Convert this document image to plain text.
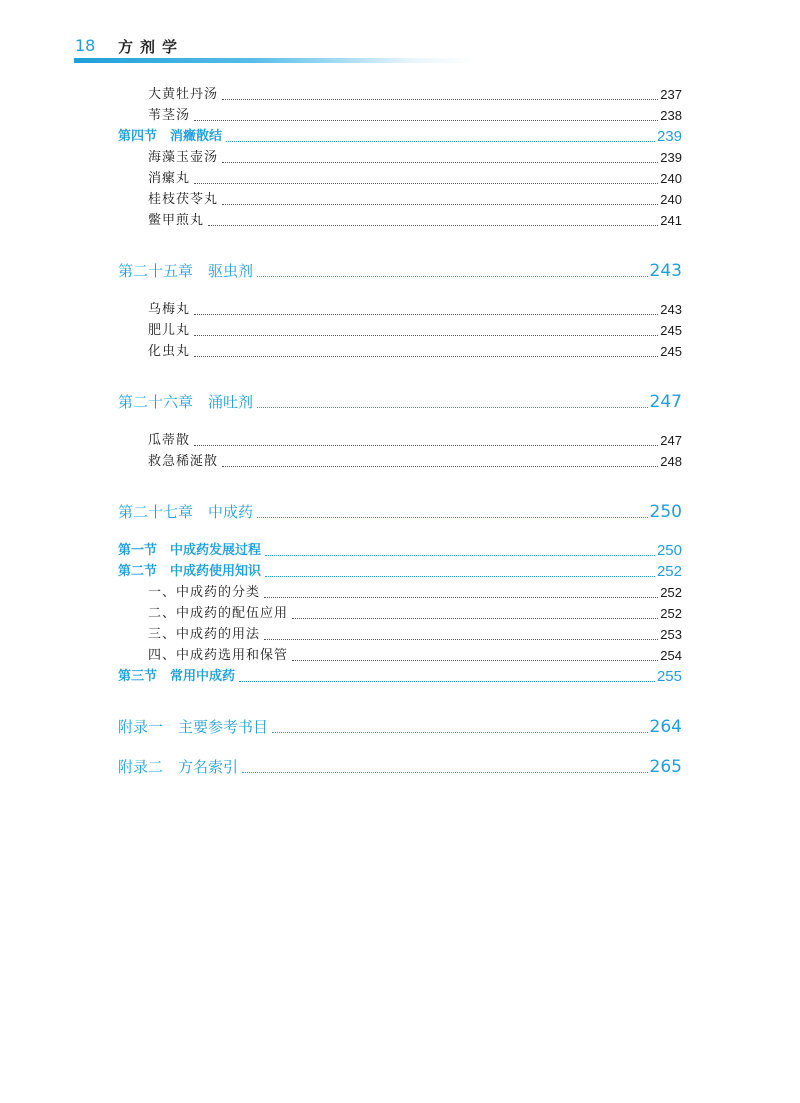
18 方剂学
大黄牡丹汤	237
苇茎汤	238
第四节　消癥散结	239
海藻玉壶汤	239
消瘰丸	240
桂枝茯苓丸	240
鳖甲煎丸	241
第二十五章　驱虫剂	243
乌梅丸	243
肥儿丸	245
化虫丸	245
第二十六章　涌吐剂	247
瓜蒂散	247
救急稀涎散	248
第二十七章　中成药	250
第一节　中成药发展过程	250
第二节　中成药使用知识	252
一、中成药的分类	252
二、中成药的配伍应用	252
三、中成药的用法	253
四、中成药选用和保管	254
第三节　常用中成药	255
附录一　主要参考书目	264
附录二　方名索引	265
